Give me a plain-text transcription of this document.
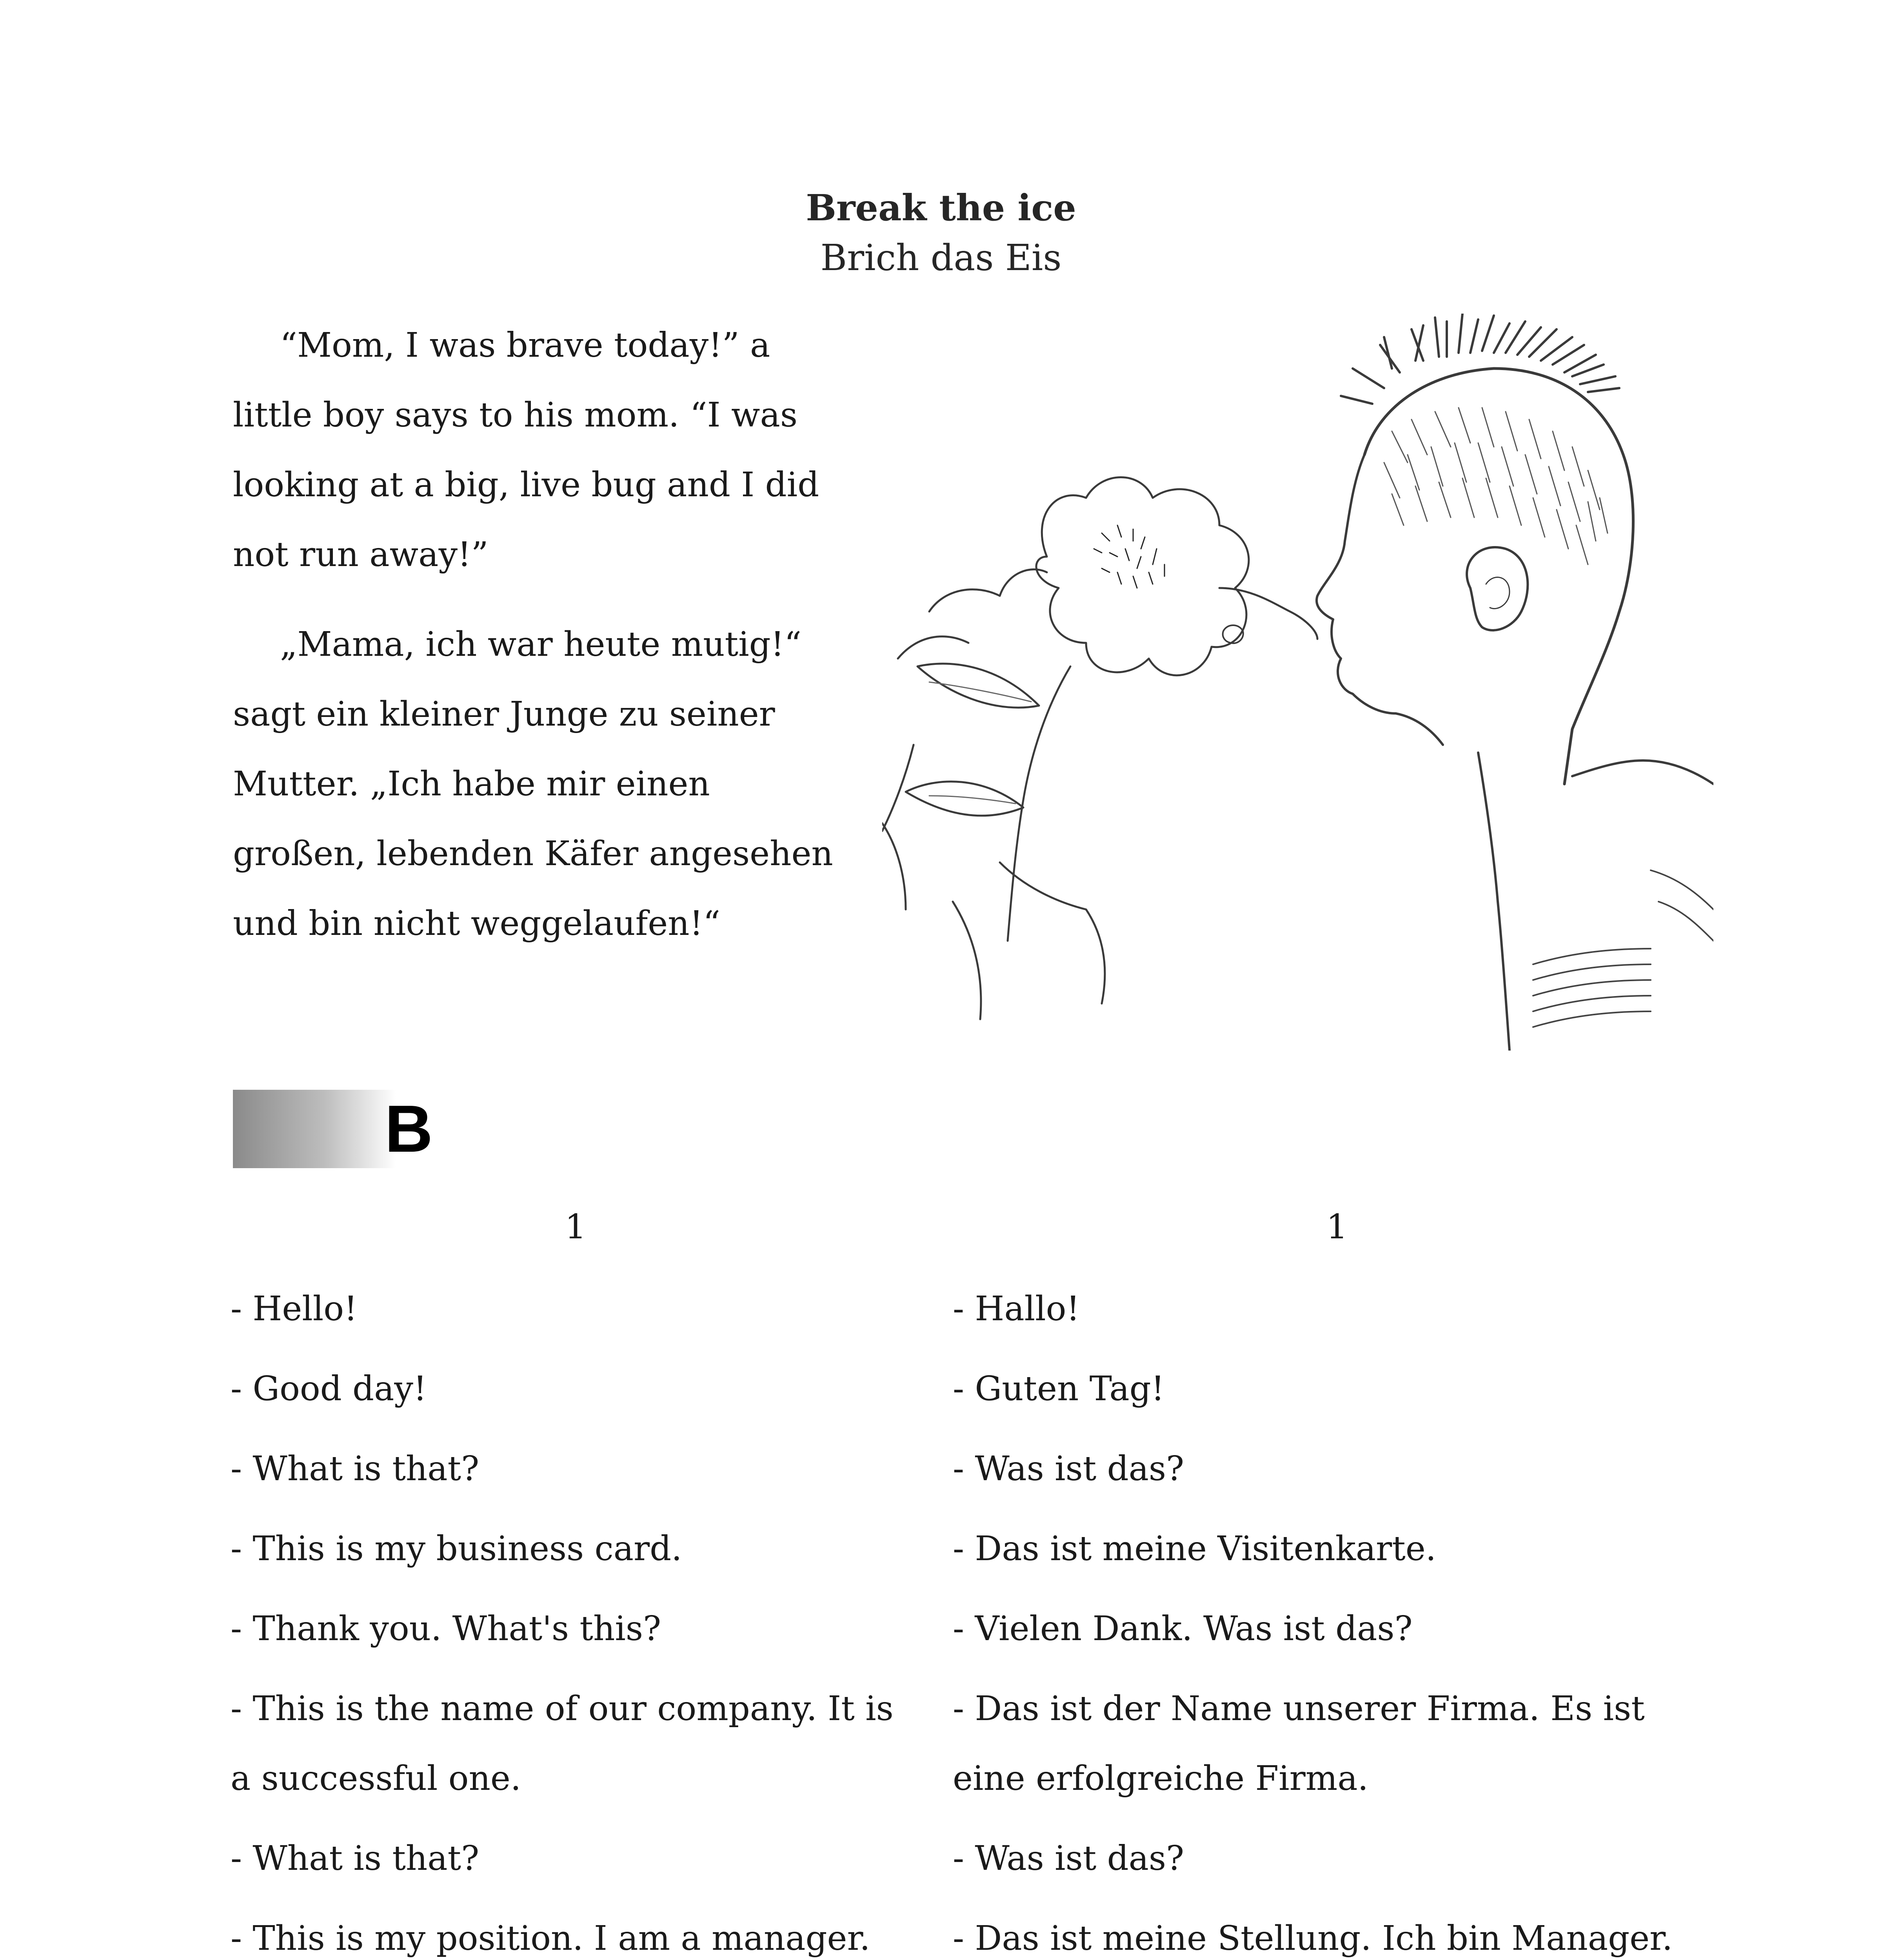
Break the ice
Brich das Eis

“Mom, I was brave today!” a little boy says to his mom. “I was looking at a big, live bug and I did not run away!”

„Mama, ich war heute mutig!“ sagt ein kleiner Junge zu seiner Mutter. „Ich habe mir einen großen, lebenden Käfer angesehen und bin nicht weggelaufen!“

B
1

- Hello!

- Good day!

- What is that?

- This is my business card.

- Thank you. What's this?

- This is the name of our company. It is a successful one.

- What is that?

- This is my position. I am a manager.

1

- Hallo!

- Guten Tag!

- Was ist das?

- Das ist meine Visitenkarte.

- Vielen Dank. Was ist das?

- Das ist der Name unserer Firma. Es ist eine erfolgreiche Firma.

- Was ist das?

- Das ist meine Stellung. Ich bin Manager.
